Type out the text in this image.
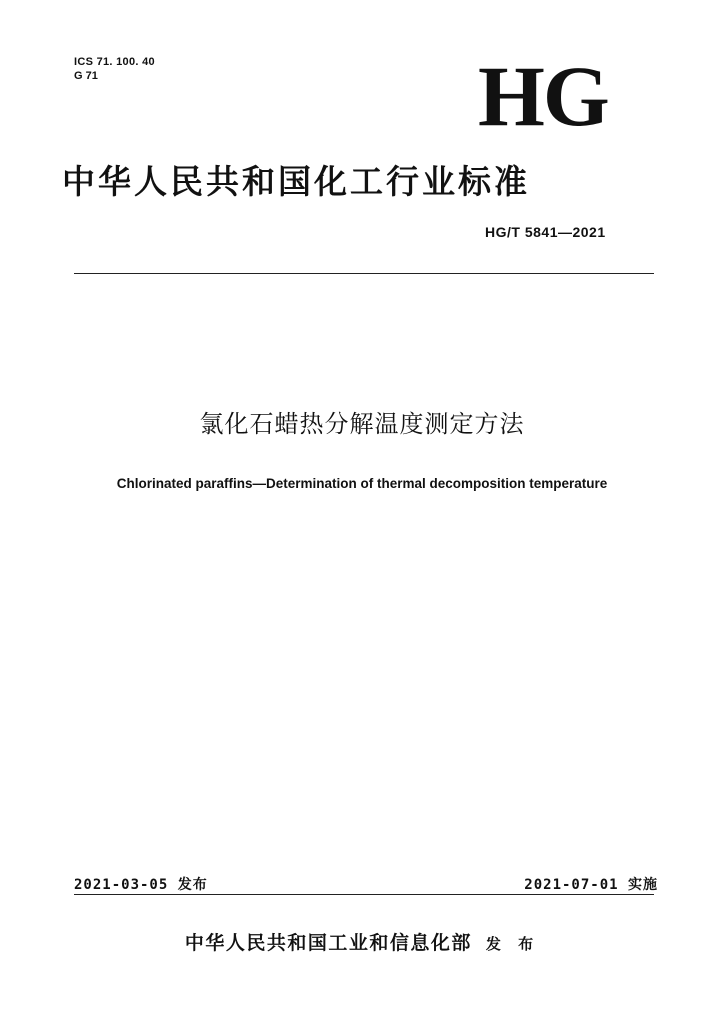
ICS 71. 100. 40
G 71	HG
中华人民共和国化工行业标准
HG/T 5841—2021
氯化石蜡热分解温度测定方法
Chlorinated paraffins—Determination of thermal decomposition temperature
2021-03-05 发布	2021-07-01 实施
中华人民共和国工业和信息化部 发 布
